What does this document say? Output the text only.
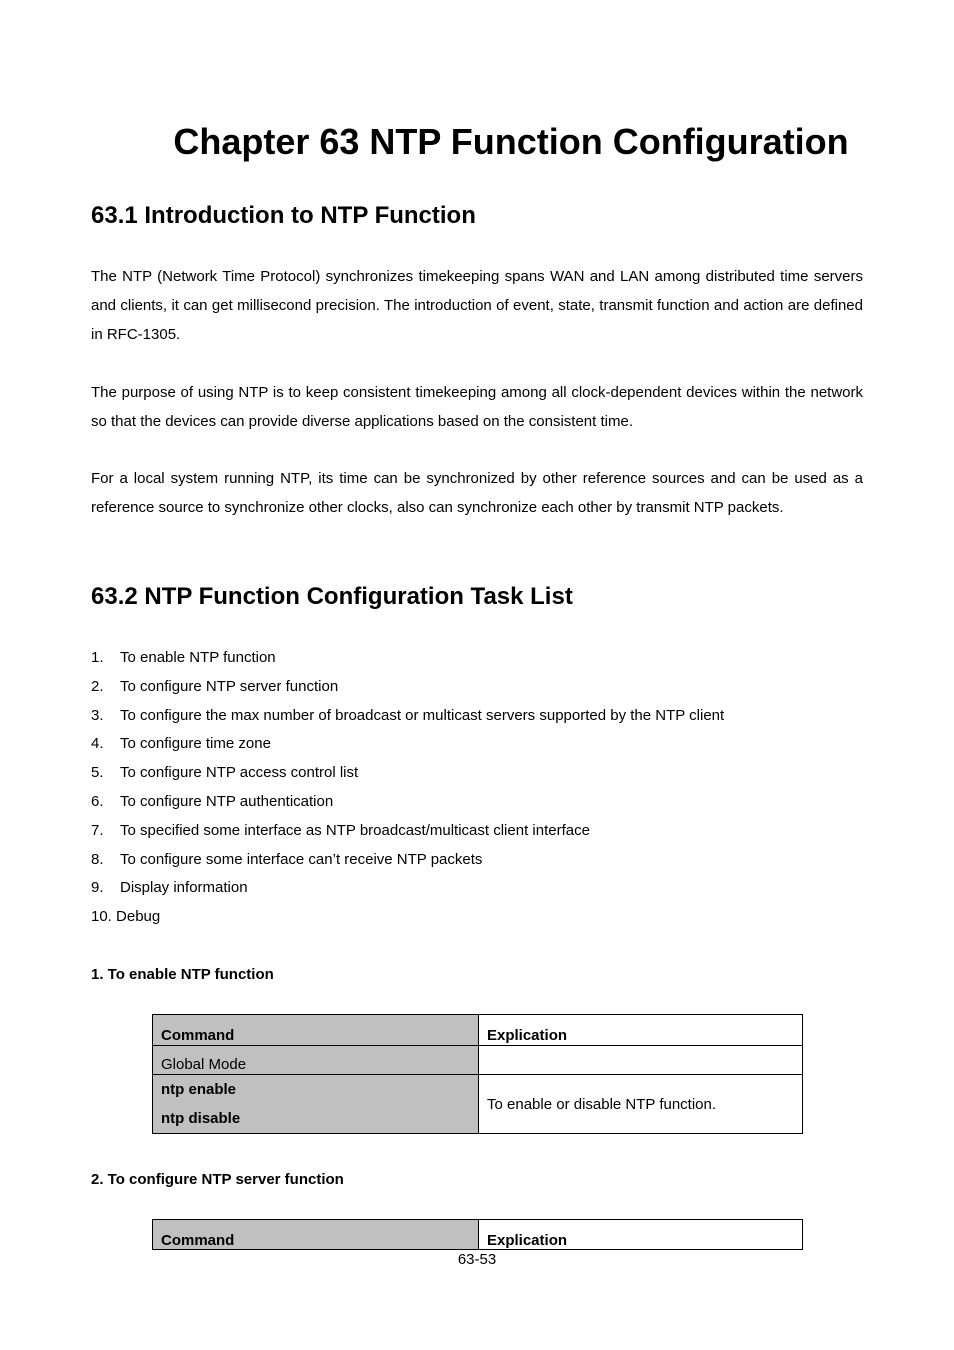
Chapter 63 NTP Function Configuration
63.1 Introduction to NTP Function

The NTP (Network Time Protocol) synchronizes timekeeping spans WAN and LAN among distributed time servers and clients, it can get millisecond precision. The introduction of event, state, transmit function and action are defined in RFC-1305.

The purpose of using NTP is to keep consistent timekeeping among all clock-dependent devices within the network so that the devices can provide diverse applications based on the consistent time.

For a local system running NTP, its time can be synchronized by other reference sources and can be used as a reference source to synchronize other clocks, also can synchronize each other by transmit NTP packets.

63.2 NTP Function Configuration Task List
1. To enable NTP function
2. To configure NTP server function
3. To configure the max number of broadcast or multicast servers supported by the NTP client
4. To configure time zone
5. To configure NTP access control list
6. To configure NTP authentication
7. To specified some interface as NTP broadcast/multicast client interface
8. To configure some interface can’t receive NTP packets
9. Display information
10. Debug

1. To enable NTP function

Command	Explication
Global Mode	

ntp enable
ntp disable	To enable or disable NTP function.

2. To configure NTP server function

Command	Explication
63-53
